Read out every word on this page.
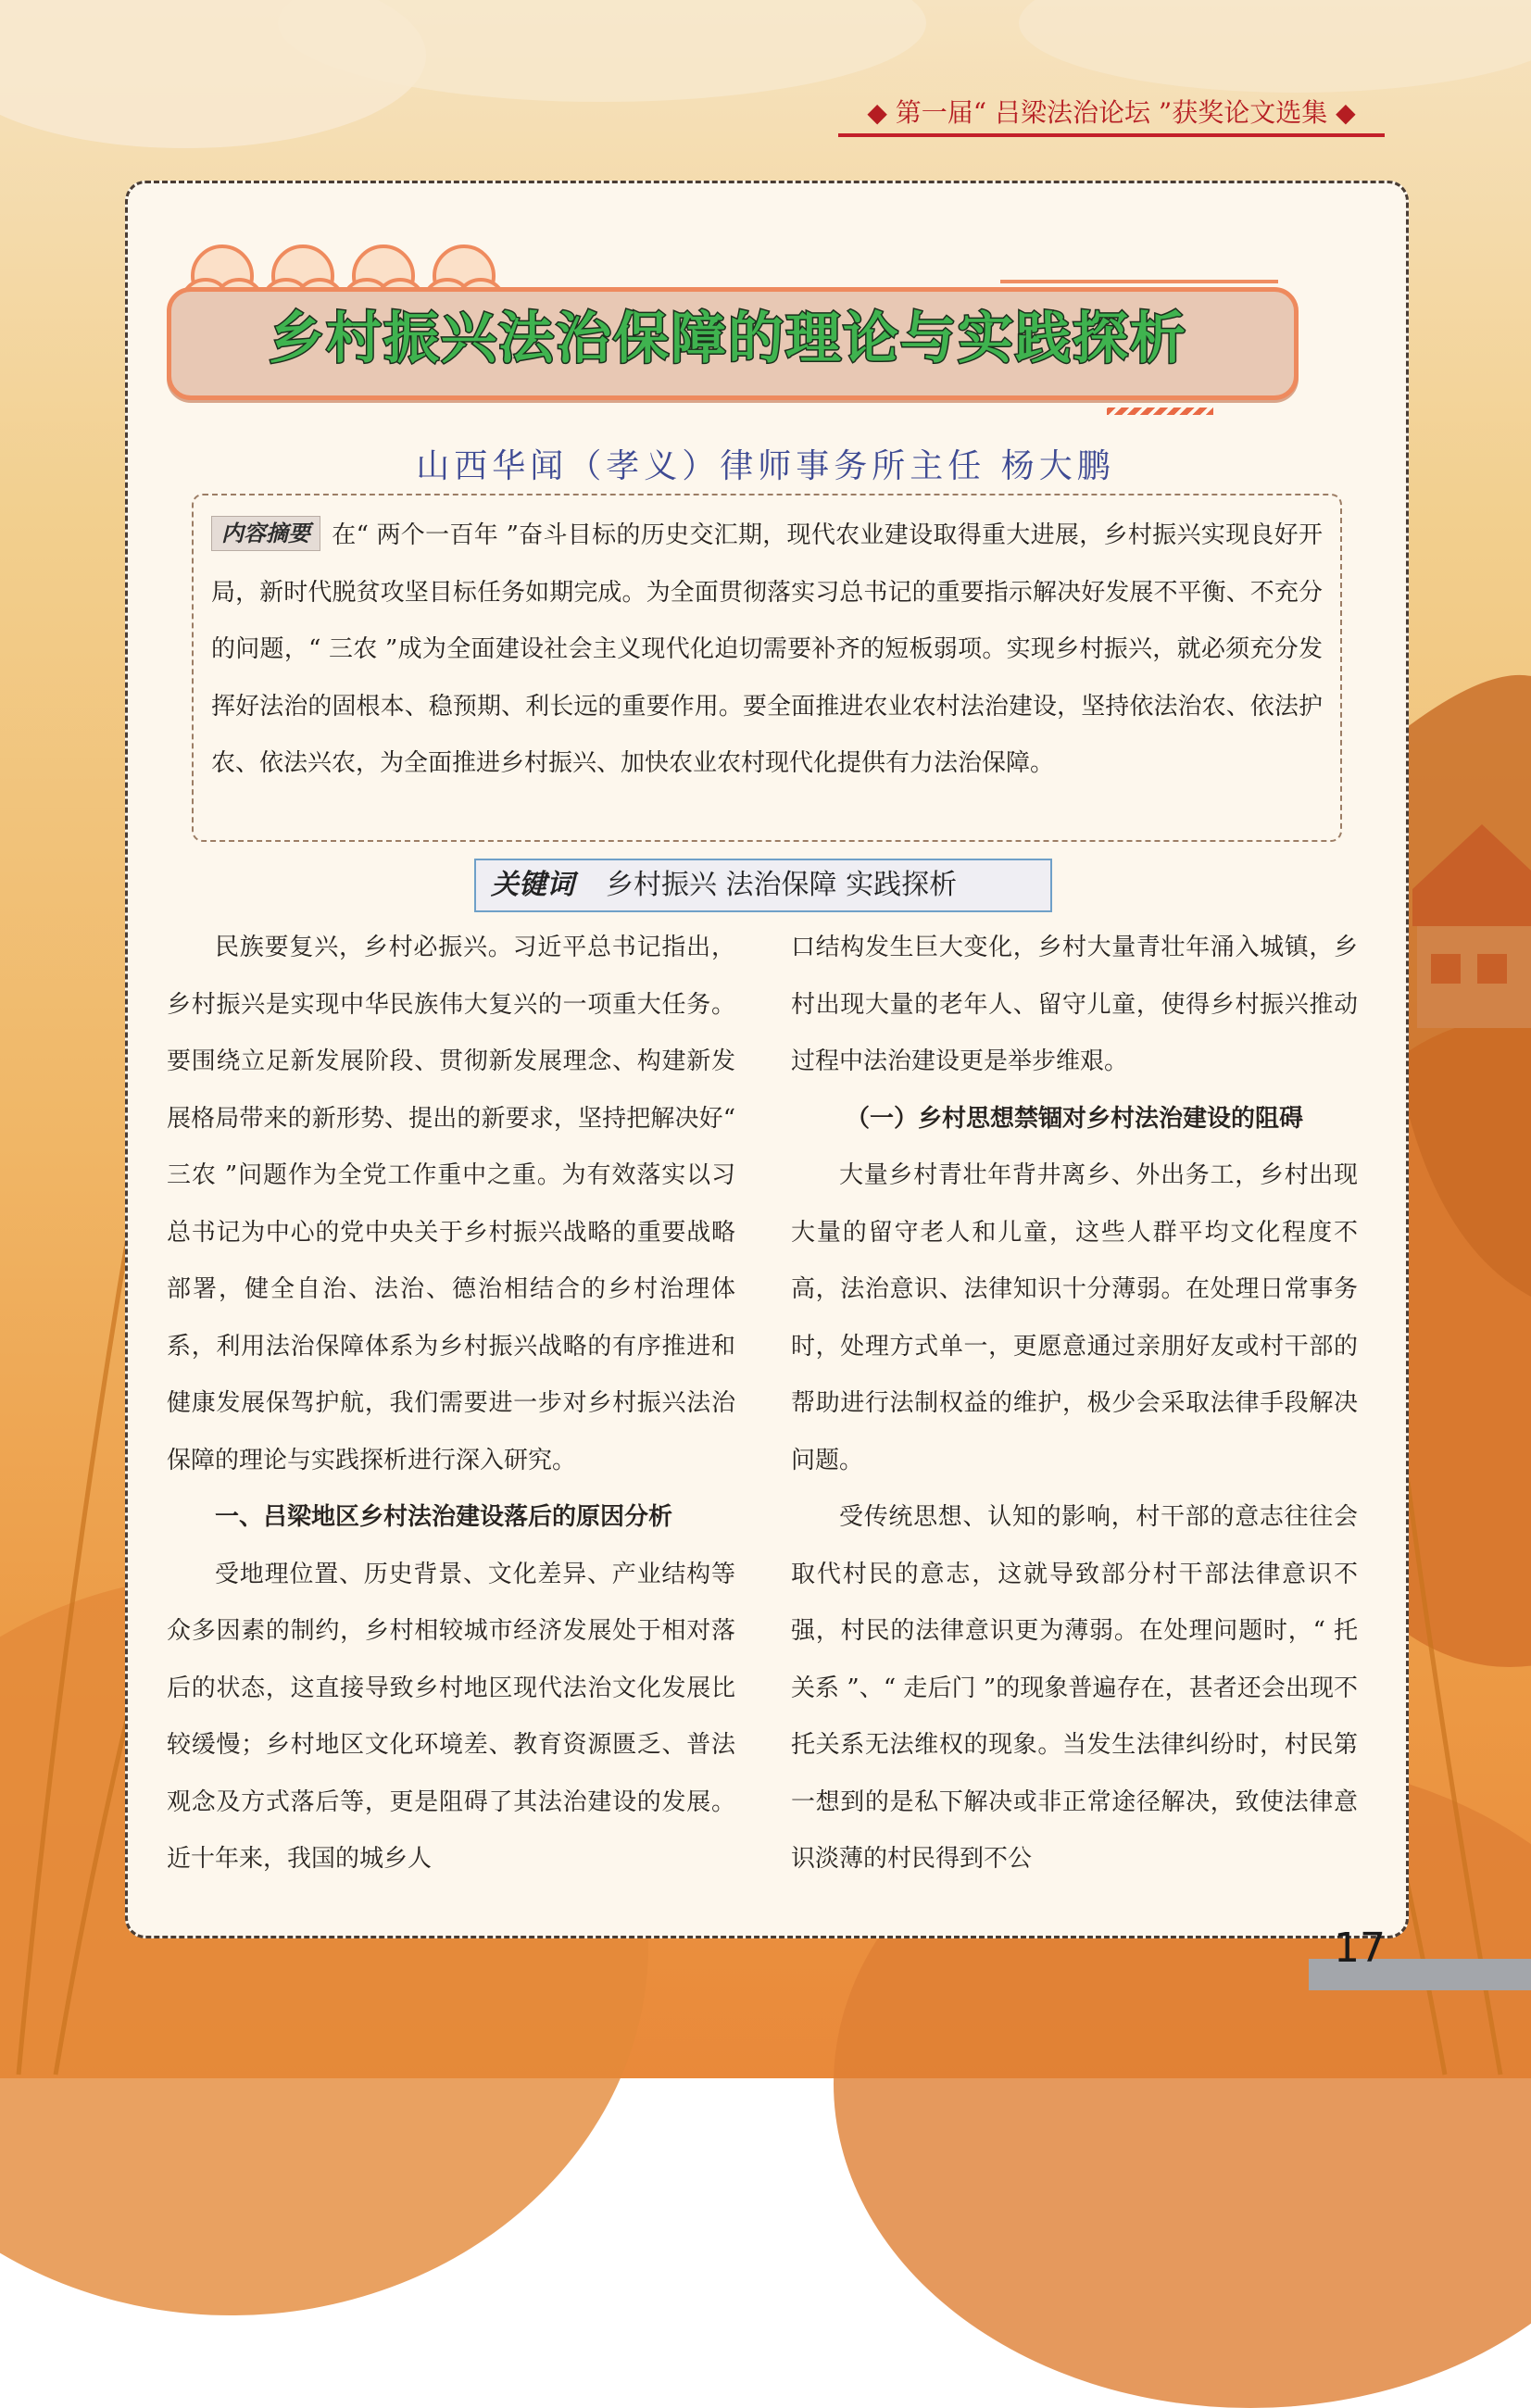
◆ 第一届“ 吕梁法治论坛 ”获奖论文选集 ◆
乡村振兴法治保障的理论与实践探析
山西华闻（孝义）律师事务所主任 杨大鹏
内容摘要 在“ 两个一百年 ”奋斗目标的历史交汇期，现代农业建设取得重大进展，乡村振兴实现良好开局，新时代脱贫攻坚目标任务如期完成。为全面贯彻落实习总书记的重要指示解决好发展不平衡、不充分的问题，“ 三农 ”成为全面建设社会主义现代化迫切需要补齐的短板弱项。实现乡村振兴，就必须充分发挥好法治的固根本、稳预期、利长远的重要作用。要全面推进农业农村法治建设，坚持依法治农、依法护农、依法兴农，为全面推进乡村振兴、加快农业农村现代化提供有力法治保障。
关键词 乡村振兴 法治保障 实践探析

民族要复兴，乡村必振兴。习近平总书记指出，乡村振兴是实现中华民族伟大复兴的一项重大任务。要围绕立足新发展阶段、贯彻新发展理念、构建新发展格局带来的新形势、提出的新要求，坚持把解决好“ 三农 ”问题作为全党工作重中之重。为有效落实以习总书记为中心的党中央关于乡村振兴战略的重要战略部署，健全自治、法治、德治相结合的乡村治理体系，利用法治保障体系为乡村振兴战略的有序推进和健康发展保驾护航，我们需要进一步对乡村振兴法治保障的理论与实践探析进行深入研究。

一、吕梁地区乡村法治建设落后的原因分析

受地理位置、历史背景、文化差异、产业结构等众多因素的制约，乡村相较城市经济发展处于相对落后的状态，这直接导致乡村地区现代法治文化发展比较缓慢；乡村地区文化环境差、教育资源匮乏、普法观念及方式落后等，更是阻碍了其法治建设的发展。近十年来，我国的城乡人

口结构发生巨大变化，乡村大量青壮年涌入城镇，乡村出现大量的老年人、留守儿童，使得乡村振兴推动过程中法治建设更是举步维艰。

（一）乡村思想禁锢对乡村法治建设的阻碍

大量乡村青壮年背井离乡、外出务工，乡村出现大量的留守老人和儿童，这些人群平均文化程度不高，法治意识、法律知识十分薄弱。在处理日常事务时，处理方式单一，更愿意通过亲朋好友或村干部的帮助进行法制权益的维护，极少会采取法律手段解决问题。

受传统思想、认知的影响，村干部的意志往往会取代村民的意志，这就导致部分村干部法律意识不强，村民的法律意识更为薄弱。在处理问题时，“ 托关系 ”、“ 走后门 ”的现象普遍存在，甚者还会出现不托关系无法维权的现象。当发生法律纠纷时，村民第一想到的是私下解决或非正常途径解决，致使法律意识淡薄的村民得到不公

17
